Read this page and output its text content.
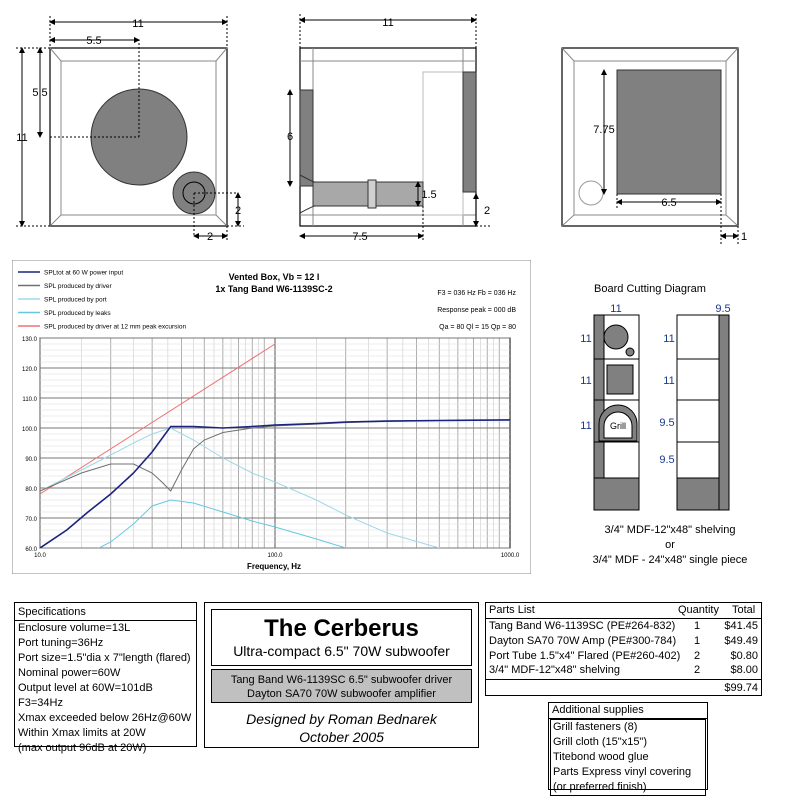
11
5.5
11
5.5
2
2
11
6
1.5
7.5
2
7.75
6.5
1
SPLtot at 60 W power input
SPL produced by driver
SPL produced by port
SPL produced by leaks
SPL produced by driver at 12 mm peak excursion
Vented Box, Vb = 12 l
1x Tang Band W6-1139SC-2	F3 = 036 Hz Fb = 036 Hz
Response peak = 000 dB
Qa = 80 Ql = 15 Qp = 80
60.0
70.0
80.0
90.0
100.0
110.0
120.0
130.0
10.0	100.0	1000.0
Frequency, Hz
Board Cutting Diagram
11	9.5
Grill
11
11
11
11
11
9.5
9.5
3/4" MDF-12"x48" shelving
or
3/4" MDF - 24"x48" single piece
Specifications
Enclosure volume=13L
Port tuning=36Hz
Port size=1.5"dia x 7"length (flared)
Nominal power=60W
Output level at 60W=101dB
F3=34Hz
Xmax exceeded below 26Hz@60W
Within Xmax limits at 20W
(max output 96dB at 20W)
The Cerberus
Ultra-compact 6.5" 70W subwoofer
Tang Band W6-1139SC 6.5" subwoofer driver
Dayton SA70 70W subwoofer amplifier
Designed by Roman Bednarek
October 2005
Parts List	Quantity Total
Tang Band W6-1139SC (PE#264-832) 1 $41.45
Dayton SA70 70W Amp (PE#300-784) 1 $49.49
Port Tube 1.5"x4" Flared (PE#260-402) 2	$0.80
3/4" MDF-12"x48" shelving	2	$8.00
$99.74
Additional supplies
Grill fasteners (8)
Grill cloth (15"x15")
Titebond wood glue
Parts Express vinyl covering
(or preferred finish)
